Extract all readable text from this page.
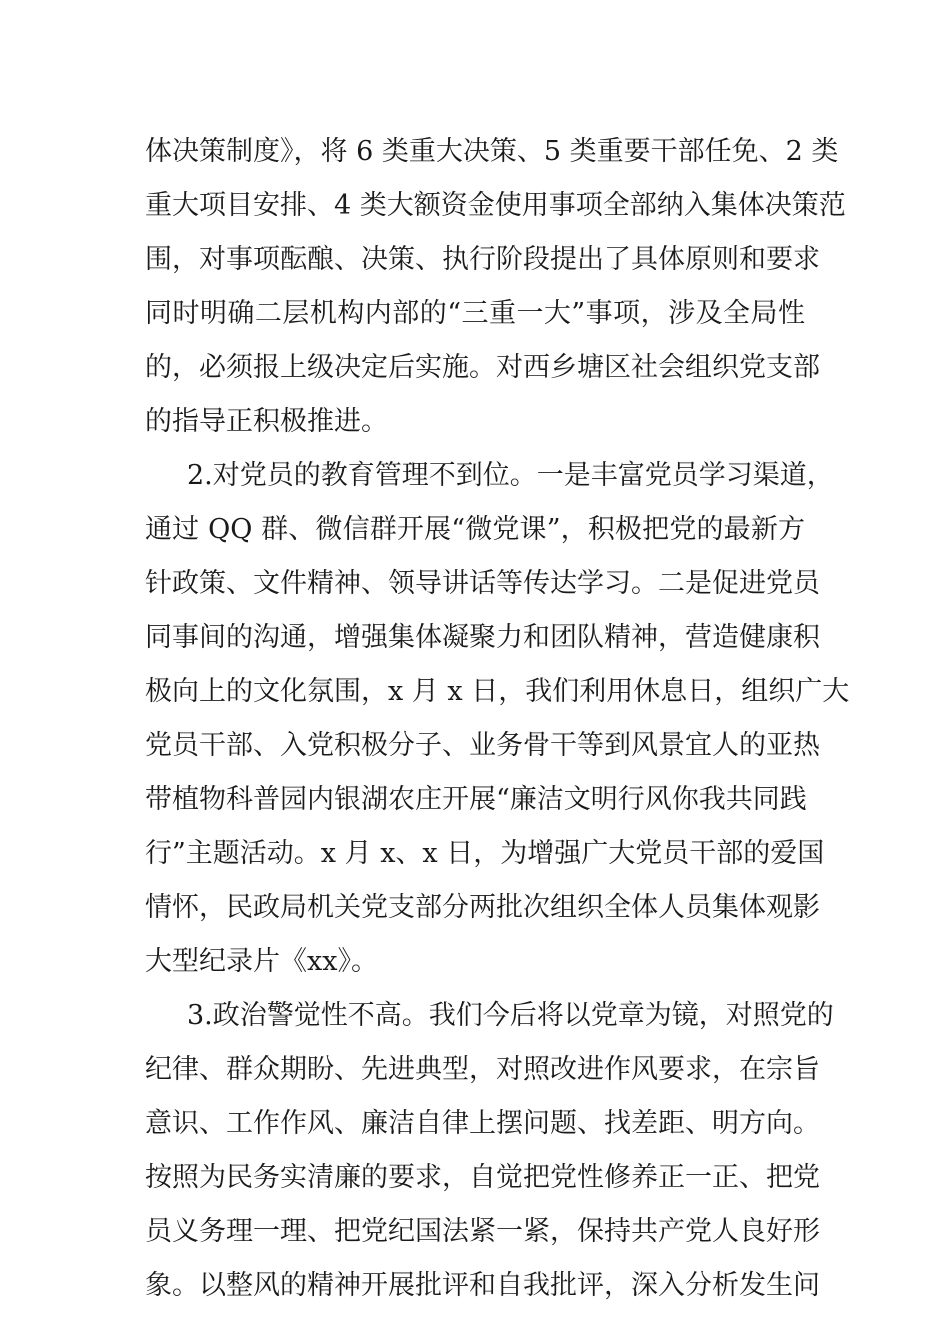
体决策制度》，将 6 类重大决策、5 类重要干部任免、2 类
重大项目安排、4 类大额资金使用事项全部纳入集体决策范
围，对事项酝酿、决策、执行阶段提出了具体原则和要求
同时明确二层机构内部的“三重一大”事项，涉及全局性
的，必须报上级决定后实施。对西乡塘区社会组织党支部
的指导正积极推进。
2.对党员的教育管理不到位。一是丰富党员学习渠道，
通过 QQ 群、微信群开展“微党课”，积极把党的最新方
针政策、文件精神、领导讲话等传达学习。二是促进党员
同事间的沟通，增强集体凝聚力和团队精神，营造健康积
极向上的文化氛围，x 月 x 日，我们利用休息日，组织广大
党员干部、入党积极分子、业务骨干等到风景宜人的亚热
带植物科普园内银湖农庄开展“廉洁文明行风你我共同践
行”主题活动。x 月 x、x 日，为增强广大党员干部的爱国
情怀，民政局机关党支部分两批次组织全体人员集体观影
大型纪录片《xx》。
3.政治警觉性不高。我们今后将以党章为镜，对照党的
纪律、群众期盼、先进典型，对照改进作风要求，在宗旨
意识、工作作风、廉洁自律上摆问题、找差距、明方向。
按照为民务实清廉的要求，自觉把党性修养正一正、把党
员义务理一理、把党纪国法紧一紧，保持共产党人良好形
象。以整风的精神开展批评和自我批评，深入分析发生问
